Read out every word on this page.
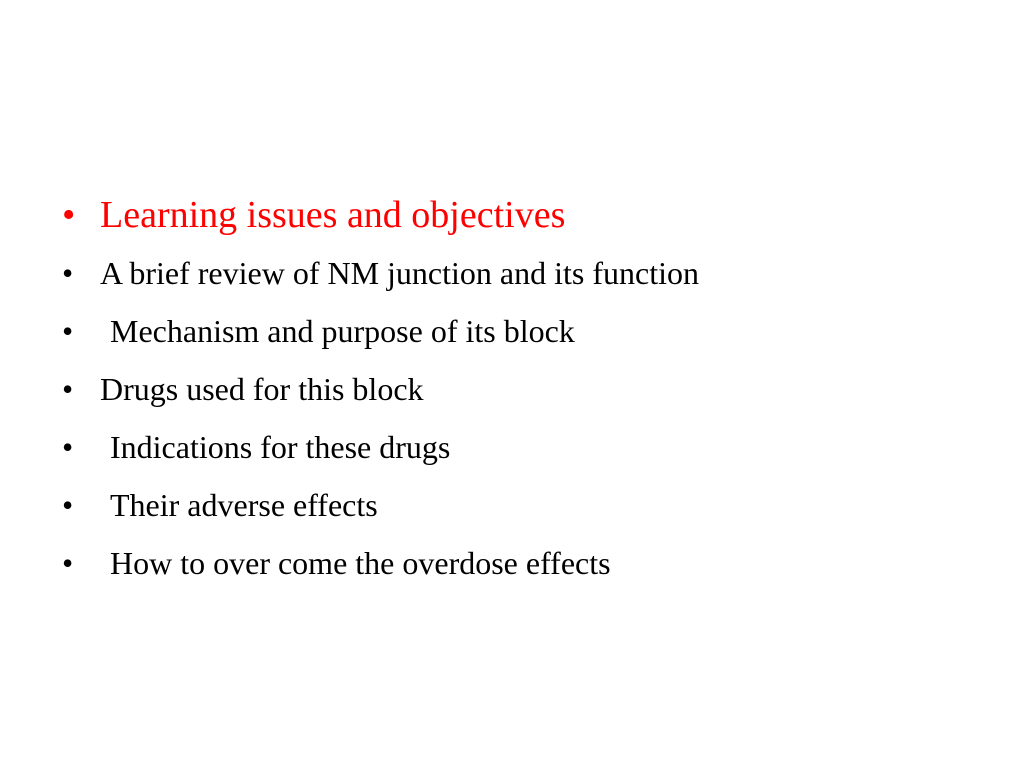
• Learning issues and objectives
• A brief review of NM junction and its function
•	Mechanism and purpose of its block
• Drugs used for this block
•	Indications for these drugs
•	Their adverse effects
•	How to over come the overdose effects
